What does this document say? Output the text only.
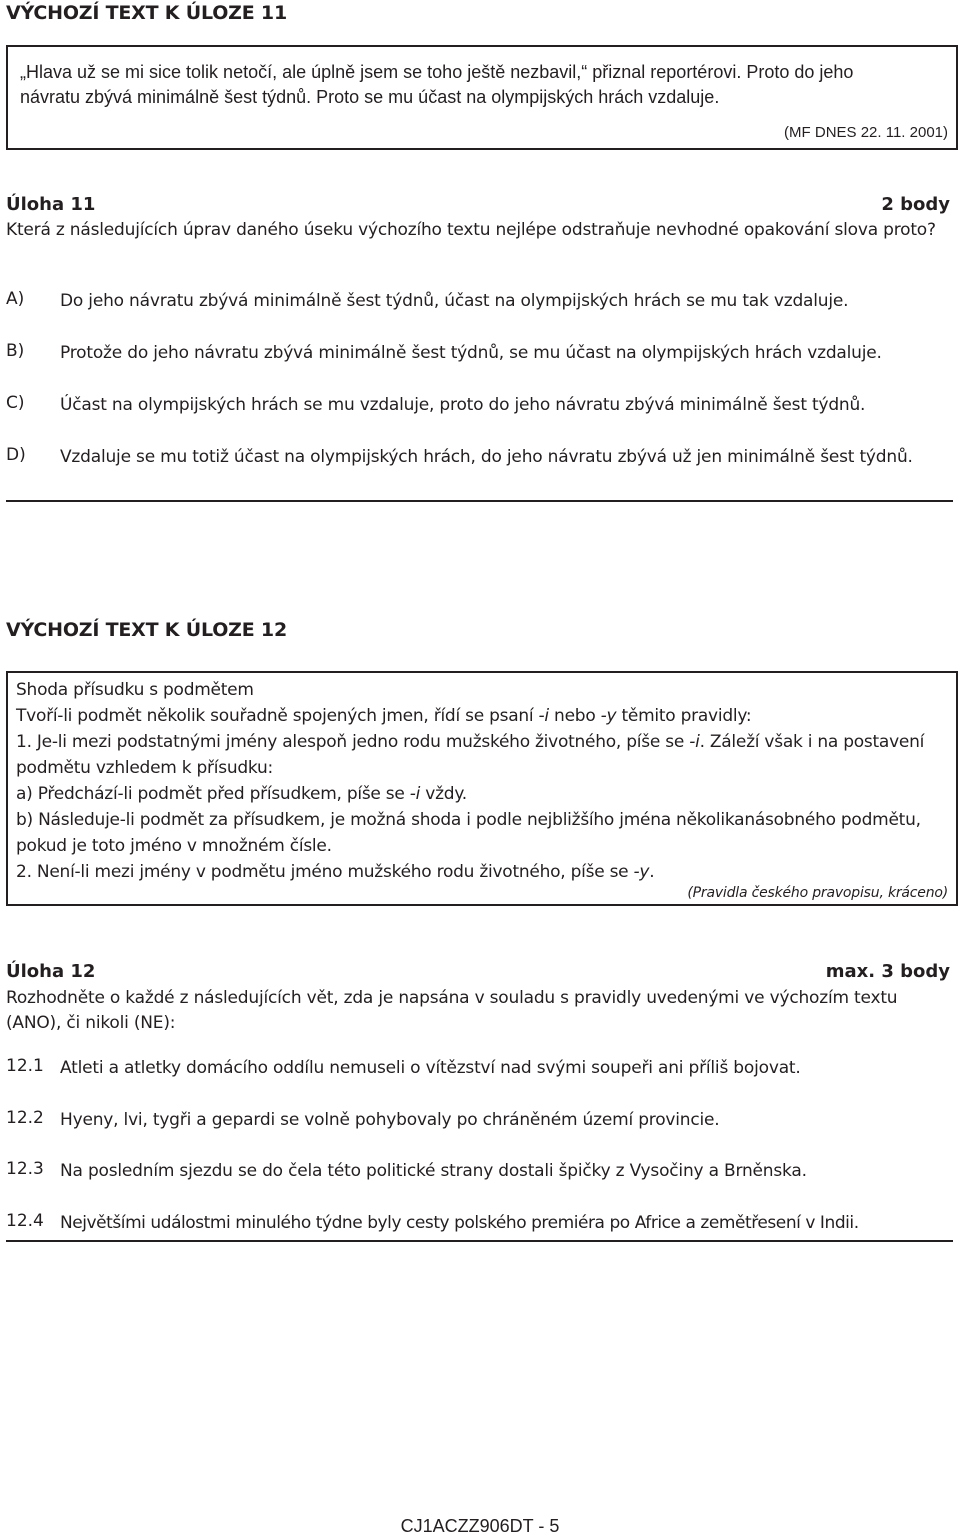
VÝCHOZÍ TEXT K ÚLOZE 11
„Hlava už se mi sice tolik netočí, ale úplně jsem se toho ještě nezbavil,“ přiznal reportérovi. Proto do jeho
návratu zbývá minimálně šest týdnů. Proto se mu účast na olympijských hrách vzdaluje.
(MF DNES 22. 11. 2001)
Úloha 11	2 body
Která z následujících úprav daného úseku výchozího textu nejlépe odstraňuje nevhodné opakování slova proto?
A) Do jeho návratu zbývá minimálně šest týdnů, účast na olympijských hrách se mu tak vzdaluje.
B) Protože do jeho návratu zbývá minimálně šest týdnů, se mu účast na olympijských hrách vzdaluje.
C) Účast na olympijských hrách se mu vzdaluje, proto do jeho návratu zbývá minimálně šest týdnů.
D) Vzdaluje se mu totiž účast na olympijských hrách, do jeho návratu zbývá už jen minimálně šest týdnů.
VÝCHOZÍ TEXT K ÚLOZE 12

Shoda přísudku s podmětem

Tvoří-li podmět několik souřadně spojených jmen, řídí se psaní -i nebo -y těmito pravidly:

1. Je-li mezi podstatnými jmény alespoň jedno rodu mužského životného, píše se -i. Záleží však i na postavení podmětu vzhledem k přísudku:

a) Předchází-li podmět před přísudkem, píše se -i vždy.

b) Následuje-li podmět za přísudkem, je možná shoda i podle nejbližšího jména několikanásobného podmětu, pokud je toto jméno v množném čísle.

2. Není-li mezi jmény v podmětu jméno mužského rodu životného, píše se -y.

(Pravidla českého pravopisu, kráceno)
Úloha 12	max. 3 body
Rozhodněte o každé z následujících vět, zda je napsána v souladu s pravidly uvedenými ve výchozím textu (ANO), či nikoli (NE):
12.1 Atleti a atletky domácího oddílu nemuseli o vítězství nad svými soupeři ani příliš bojovat.
12.2 Hyeny, lvi, tygři a gepardi se volně pohybovaly po chráněném území provincie.
12.3 Na posledním sjezdu se do čela této politické strany dostali špičky z Vysočiny a Brněnska.
12.4 Největšími událostmi minulého týdne byly cesty polského premiéra po Africe a zemětřesení v Indii.
CJ1ACZZ906DT - 5
